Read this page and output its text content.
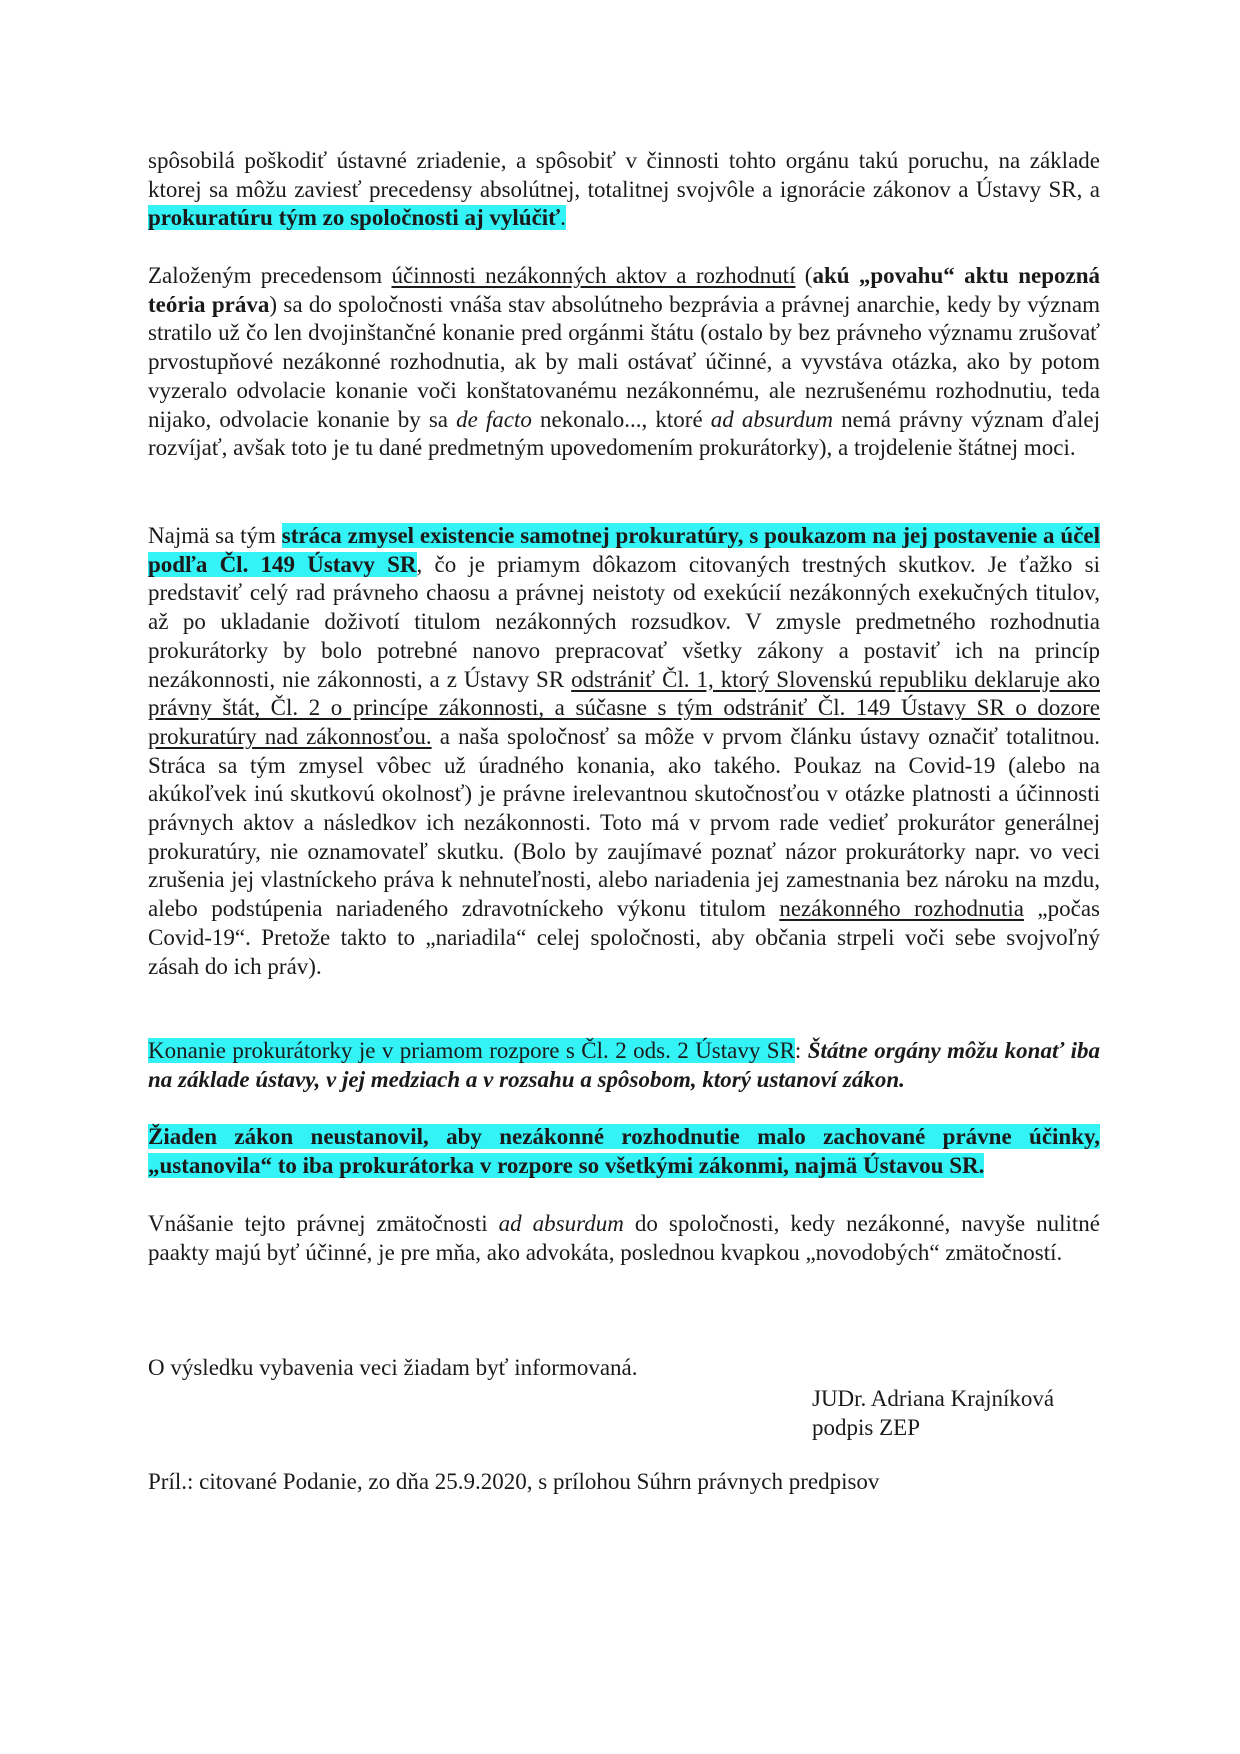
spôsobilá poškodiť ústavné zriadenie, a spôsobiť v činnosti tohto orgánu takú poruchu, na základe ktorej sa môžu zaviesť precedensy absolútnej, totalitnej svojvôle a ignorácie zákonov a Ústavy SR, a prokuratúru tým zo spoločnosti aj vylúčiť.

Založeným precedensom účinnosti nezákonných aktov a rozhodnutí (akú „povahu“ aktu nepozná teória práva) sa do spoločnosti vnáša stav absolútneho bezprávia a právnej anarchie, kedy by význam stratilo už čo len dvojinštančné konanie pred orgánmi štátu (ostalo by bez právneho významu zrušovať prvostupňové nezákonné rozhodnutia, ak by mali ostávať účinné, a vyvstáva otázka, ako by potom vyzeralo odvolacie konanie voči konštatovanému nezákonnému, ale nezrušenému rozhodnutiu, teda nijako, odvolacie konanie by sa de facto nekonalo..., ktoré ad absurdum nemá právny význam ďalej rozvíjať, avšak toto je tu dané predmetným upovedomením prokurátorky), a trojdelenie štátnej moci.

Najmä sa tým stráca zmysel existencie samotnej prokuratúry, s poukazom na jej postavenie a účel podľa Čl. 149 Ústavy SR, čo je priamym dôkazom citovaných trestných skutkov. Je ťažko si predstaviť celý rad právneho chaosu a právnej neistoty od exekúcií nezákonných exekučných titulov, až po ukladanie doživotí titulom nezákonných rozsudkov. V zmysle predmetného rozhodnutia prokurátorky by bolo potrebné nanovo prepracovať všetky zákony a postaviť ich na princíp nezákonnosti, nie zákonnosti, a z Ústavy SR odstrániť Čl. 1, ktorý Slovenskú republiku deklaruje ako právny štát, Čl. 2 o princípe zákonnosti, a súčasne s tým odstrániť Čl. 149 Ústavy SR o dozore prokuratúry nad zákonnosťou. a naša spoločnosť sa môže v prvom článku ústavy označiť totalitnou. Stráca sa tým zmysel vôbec už úradného konania, ako takého. Poukaz na Covid-19 (alebo na akúkoľvek inú skutkovú okolnosť) je právne irelevantnou skutočnosťou v otázke platnosti a účinnosti právnych aktov a následkov ich nezákonnosti. Toto má v prvom rade vedieť prokurátor generálnej prokuratúry, nie oznamovateľ skutku. (Bolo by zaujímavé poznať názor prokurátorky napr. vo veci zrušenia jej vlastníckeho práva k nehnuteľnosti, alebo nariadenia jej zamestnania bez nároku na mzdu, alebo podstúpenia nariadeného zdravotníckeho výkonu titulom nezákonného rozhodnutia „počas Covid-19“. Pretože takto to „nariadila“ celej spoločnosti, aby občania strpeli voči sebe svojvoľný zásah do ich práv).

Konanie prokurátorky je v priamom rozpore s Čl. 2 ods. 2 Ústavy SR: Štátne orgány môžu konať iba na základe ústavy, v jej medziach a v rozsahu a spôsobom, ktorý ustanoví zákon.

Žiaden zákon neustanovil, aby nezákonné rozhodnutie malo zachované právne účinky, „ustanovila“ to iba prokurátorka v rozpore so všetkými zákonmi, najmä Ústavou SR.

Vnášanie tejto právnej zmätočnosti ad absurdum do spoločnosti, kedy nezákonné, navyše nulitné paakty majú byť účinné, je pre mňa, ako advokáta, poslednou kvapkou „novodobých“ zmätočností.

O výsledku vybavenia veci žiadam byť informovaná.

JUDr. Adriana Krajníková
podpis ZEP

Príl.: citované Podanie, zo dňa 25.9.2020, s prílohou Súhrn právnych predpisov
